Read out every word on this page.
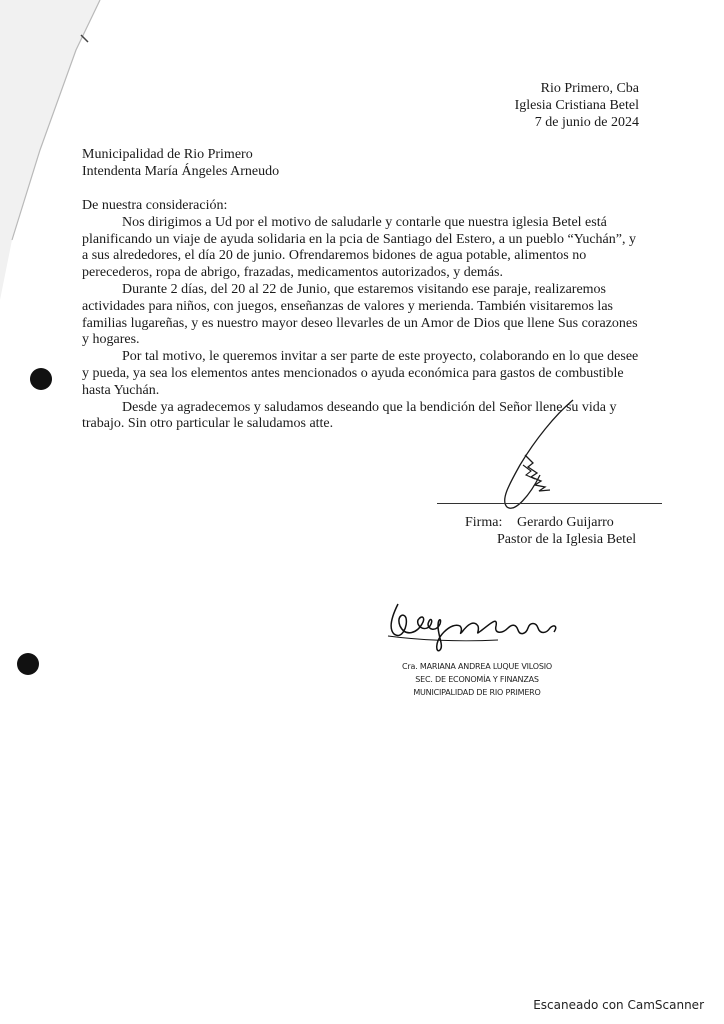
Rio Primero, Cba
Iglesia Cristiana Betel
7 de junio de 2024
Municipalidad de Rio Primero
Intendenta María Ángeles Arneudo

De nuestra consideración:

Nos dirigimos a Ud por el motivo de saludarle y contarle que nuestra iglesia Betel está planificando un viaje de ayuda solidaria en la pcia de Santiago del Estero, a un pueblo “Yuchán”, y a sus alrededores, el día 20 de junio. Ofrendaremos bidones de agua potable, alimentos no perecederos, ropa de abrigo, frazadas, medicamentos autorizados, y demás.

Durante 2 días, del 20 al 22 de Junio, que estaremos visitando ese paraje, realizaremos actividades para niños, con juegos, enseñanzas de valores y merienda. También visitaremos las familias lugareñas, y es nuestro mayor deseo llevarles de un Amor de Dios que llene Sus corazones y hogares.

Por tal motivo, le queremos invitar a ser parte de este proyecto, colaborando en lo que desee y pueda, ya sea los elementos antes mencionados o ayuda económica para gastos de combustible hasta Yuchán.

Desde ya agradecemos y saludamos deseando que la bendición del Señor llene su vida y trabajo. Sin otro particular le saludamos atte.

Firma: Gerardo Guijarro
Pastor de la Iglesia Betel
Cra. MARIANA ANDREA LUQUE VILOSIO
SEC. DE ECONOMÍA Y FINANZAS
MUNICIPALIDAD DE RIO PRIMERO
Escaneado con CamScanner
